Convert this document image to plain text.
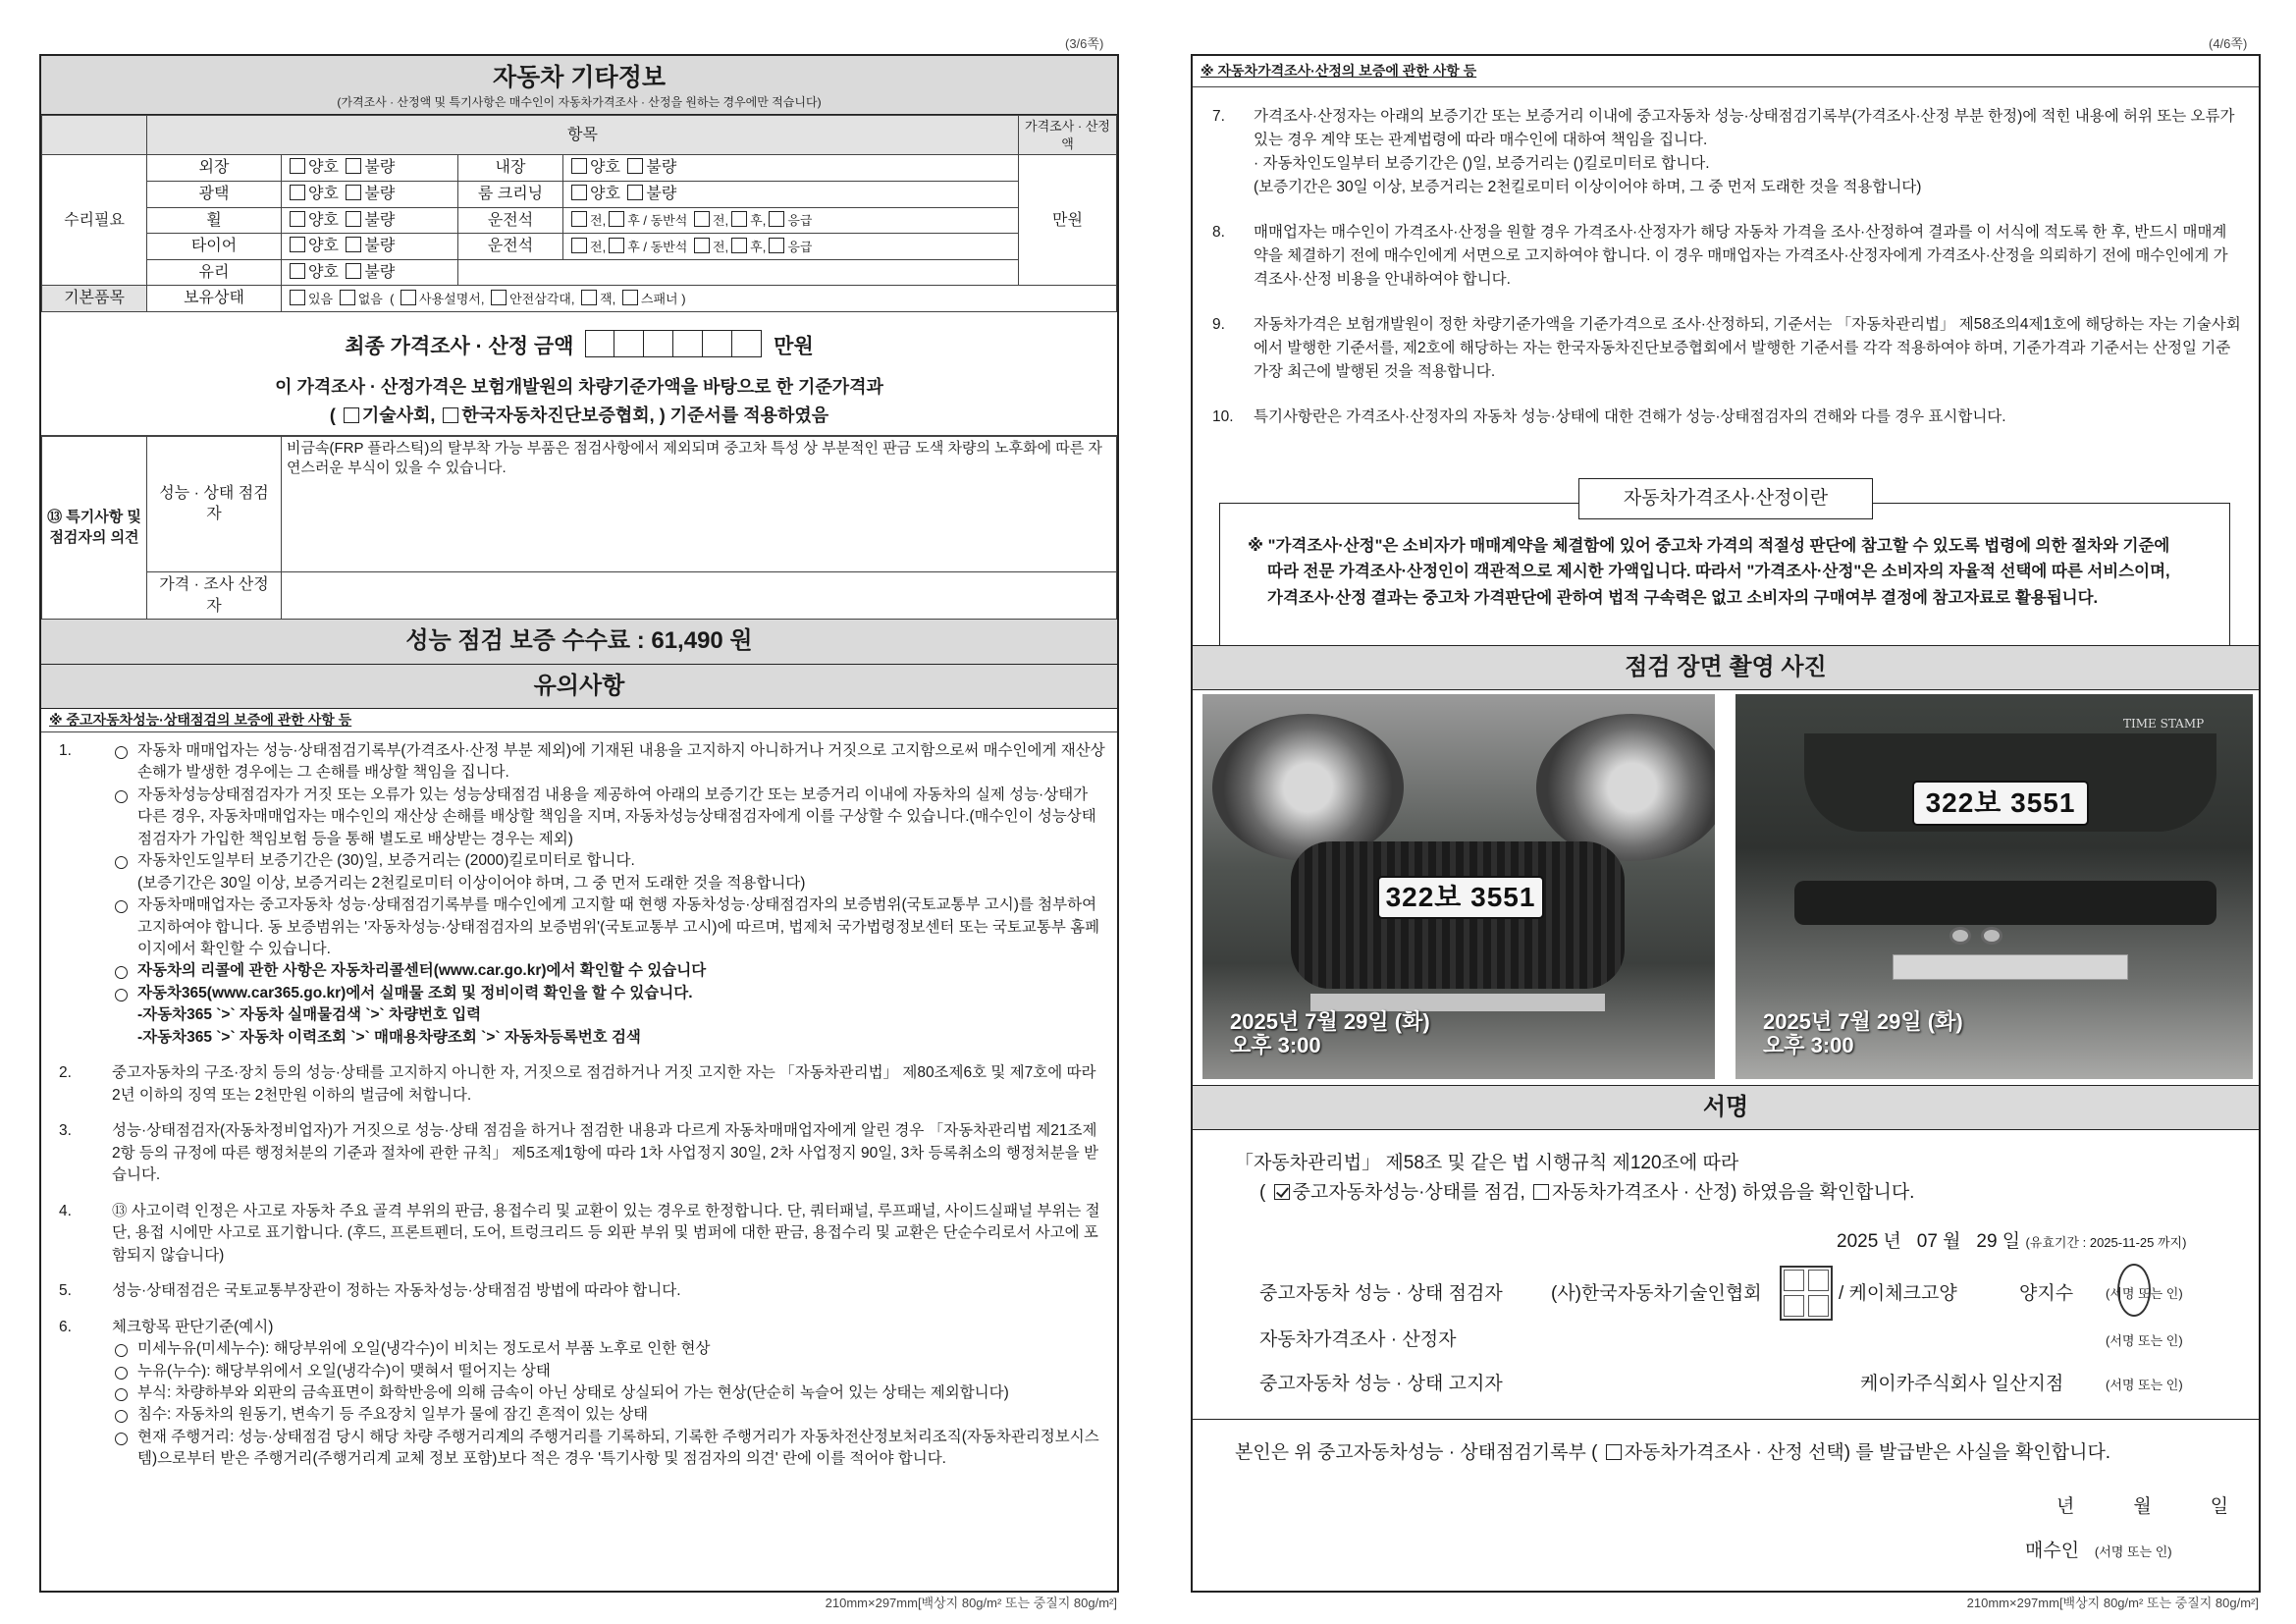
(3/6쪽)
자동차 기타정보
(가격조사 · 산정액 및 특기사항은 매수인이 자동차가격조사 · 산정을 원하는 경우에만 적습니다)
	항목				가격조사 · 산정액
수리필요	외장	양호 불량	내장	양호 불량	만원
	광택	양호 불량	룸 크리닝	양호 불량	
	휠	양호 불량	운전석	전, 후 / 동반석 전, 후, 응급	
	타이어	양호 불량	운전석	전, 후 / 동반석 전, 후, 응급	
	유리	양호 불량			
기본품목	보유상태	있음 없음  ( 사용설명서, 안전삼각대, 잭, 스패너 )			
최종 가격조사 · 산정 금액	만원
이 가격조사 · 산정가격은 보험개발원의 차량기준가액을 바탕으로 한 기준가격과
( 기술사회, 한국자동차진단보증협회, ) 기준서를 적용하였음
⑬ 특기사항 및 점검자의 의견	성능 · 상태 점검자	비금속(FRP 플라스틱)의 탈부착 가능 부품은 점검사항에서 제외되며 중고차 특성 상 부분적인 판금 도색 차량의 노후화에 따른 자연스러운 부식이 있을 수 있습니다.
	가격 · 조사 산정자	
성능 점검 보증 수수료 : 61,490 원
유의사항
※ 중고자동차성능·상태점검의 보증에 관한 사항 등
1.	자동차 매매업자는 성능·상태점검기록부(가격조사·산정 부분 제외)에 기재된 내용을 고지하지 아니하거나 거짓으로 고지함으로써 매수인에게 재산상 손해가 발생한 경우에는 그 손해를 배상할 책임을 집니다.
자동차성능상태점검자가 거짓 또는 오류가 있는 성능상태점검 내용을 제공하여 아래의 보증기간 또는 보증거리 이내에 자동차의 실제 성능·상태가 다른 경우, 자동차매매업자는 매수인의 재산상 손해를 배상할 책임을 지며, 자동차성능상태점검자에게 이를 구상할 수 있습니다.(매수인이 성능상태점검자가 가입한 책임보험 등을 통해 별도로 배상받는 경우는 제외)
자동차인도일부터 보증기간은 (30)일, 보증거리는 (2000)킬로미터로 합니다.
(보증기간은 30일 이상, 보증거리는 2천킬로미터 이상이어야 하며, 그 중 먼저 도래한 것을 적용합니다)
자동차매매업자는 중고자동차 성능·상태점검기록부를 매수인에게 고지할 때 현행 자동차성능·상태점검자의 보증범위(국토교통부 고시)를 첨부하여 고지하여야 합니다. 동 보증범위는 '자동차성능·상태점검자의 보증범위'(국토교통부 고시)에 따르며, 법제처 국가법령정보센터 또는 국토교통부 홈페이지에서 확인할 수 있습니다.
자동차의 리콜에 관한 사항은 자동차리콜센터(www.car.go.kr)에서 확인할 수 있습니다
자동차365(www.car365.go.kr)에서 실매물 조회 및 정비이력 확인을 할 수 있습니다.
-자동차365 `>` 자동차 실매물검색 `>` 차량번호 입력
-자동차365 `>` 자동차 이력조회 `>` 매매용차량조회 `>` 자동차등록번호 검색
2.	중고자동차의 구조·장치 등의 성능·상태를 고지하지 아니한 자, 거짓으로 점검하거나 거짓 고지한 자는 「자동차관리법」 제80조제6호 및 제7호에 따라 2년 이하의 징역 또는 2천만원 이하의 벌금에 처합니다.
3.	성능·상태점검자(자동차정비업자)가 거짓으로 성능·상태 점검을 하거나 점검한 내용과 다르게 자동차매매업자에게 알린 경우 「자동차관리법 제21조제2항 등의 규정에 따른 행정처분의 기준과 절차에 관한 규칙」 제5조제1항에 따라 1차 사업정지 30일, 2차 사업정지 90일, 3차 등록취소의 행정처분을 받습니다.
4.	⑬ 사고이력 인정은 사고로 자동차 주요 골격 부위의 판금, 용접수리 및 교환이 있는 경우로 한정합니다. 단, 쿼터패널, 루프패널, 사이드실패널 부위는 절단, 용접 시에만 사고로 표기합니다. (후드, 프론트펜더, 도어, 트렁크리드 등 외판 부위 및 범퍼에 대한 판금, 용접수리 및 교환은 단순수리로서 사고에 포함되지 않습니다)
5.	성능·상태점검은 국토교통부장관이 정하는 자동차성능·상태점검 방법에 따라야 합니다.
6.	체크항목 판단기준(예시)
미세누유(미세누수): 해당부위에 오일(냉각수)이 비치는 정도로서 부품 노후로 인한 현상
누유(누수): 해당부위에서 오일(냉각수)이 맺혀서 떨어지는 상태
부식: 차량하부와 외판의 금속표면이 화학반응에 의해 금속이 아닌 상태로 상실되어 가는 현상(단순히 녹슬어 있는 상태는 제외합니다)
침수: 자동차의 원동기, 변속기 등 주요장치 일부가 물에 잠긴 흔적이 있는 상태
현재 주행거리: 성능·상태점검 당시 해당 차량 주행거리계의 주행거리를 기록하되, 기록한 주행거리가 자동차전산정보처리조직(자동차관리정보시스템)으로부터 받은 주행거리(주행거리계 교체 정보 포함)보다 적은 경우 '특기사항 및 점검자의 의견' 란에 이를 적어야 합니다.
210mm×297mm[백상지 80g/m² 또는 중질지 80g/m²]
(4/6쪽)
※ 자동차가격조사·산정의 보증에 관한 사항 등
7. 가격조사·산정자는 아래의 보증기간 또는 보증거리 이내에 중고자동차 성능·상태점검기록부(가격조사·산정 부분 한정)에 적힌 내용에 허위 또는 오류가 있는 경우 계약 또는 관계법령에 따라 매수인에 대하여 책임을 집니다.
· 자동차인도일부터 보증기간은 ()일, 보증거리는 ()킬로미터로 합니다.
(보증기간은 30일 이상, 보증거리는 2천킬로미터 이상이어야 하며, 그 중 먼저 도래한 것을 적용합니다)
8. 매매업자는 매수인이 가격조사·산정을 원할 경우 가격조사·산정자가 해당 자동차 가격을 조사·산정하여 결과를 이 서식에 적도록 한 후, 반드시 매매계약을 체결하기 전에 매수인에게 서면으로 고지하여야 합니다. 이 경우 매매업자는 가격조사·산정자에게 가격조사·산정을 의뢰하기 전에 매수인에게 가격조사·산정 비용을 안내하여야 합니다.
9. 자동차가격은 보험개발원이 정한 차량기준가액을 기준가격으로 조사·산정하되, 기준서는 「자동차관리법」 제58조의4제1호에 해당하는 자는 기술사회에서 발행한 기준서를, 제2호에 해당하는 자는 한국자동차진단보증협회에서 발행한 기준서를 각각 적용하여야 하며, 기준가격과 기준서는 산정일 기준 가장 최근에 발행된 것을 적용합니다.
10. 특기사항란은 가격조사·산정자의 자동차 성능·상태에 대한 견해가 성능·상태점검자의 견해와 다를 경우 표시합니다.
자동차가격조사·산정이란
※ "가격조사·산정"은 소비자가 매매계약을 체결함에 있어 중고차 가격의 적절성 판단에 참고할 수 있도록 법령에 의한 절차와 기준에
따라 전문 가격조사·산정인이 객관적으로 제시한 가액입니다. 따라서 "가격조사·산정"은 소비자의 자율적 선택에 따른 서비스이며,
가격조사·산정 결과는 중고차 가격판단에 관하여 법적 구속력은 없고 소비자의 구매여부 결정에 참고자료로 활용됩니다.
점검 장면 촬영 사진
322보 3551
2025년 7월 29일 (화)
오후 3:00
TIME STAMP
322보 3551
2025년 7월 29일 (화)
오후 3:00
서명
「자동차관리법」 제58조 및 같은 법 시행규칙 제120조에 따라
( 중고자동차성능·상태를 점검, 자동차가격조사 · 산정) 하였음을 확인합니다.
2025 년 07 월 29 일 (유효기간 : 2025-11-25 까지)
중고자동차 성능 · 상태 점검자	(사)한국자동차기술인협회	/ 케이체크고양	양지수	(서명 또는 인)
자동차가격조사 · 산정자	(서명 또는 인)
중고자동차 성능 · 상태 고지자	케이카주식회사 일산지점	(서명 또는 인)
본인은 위 중고자동차성능 · 상태점검기록부 ( 자동차가격조사 · 산정 선택) 를 발급받은 사실을 확인합니다.
년	월	일
매수인 (서명 또는 인)
210mm×297mm[백상지 80g/m² 또는 중질지 80g/m²]
